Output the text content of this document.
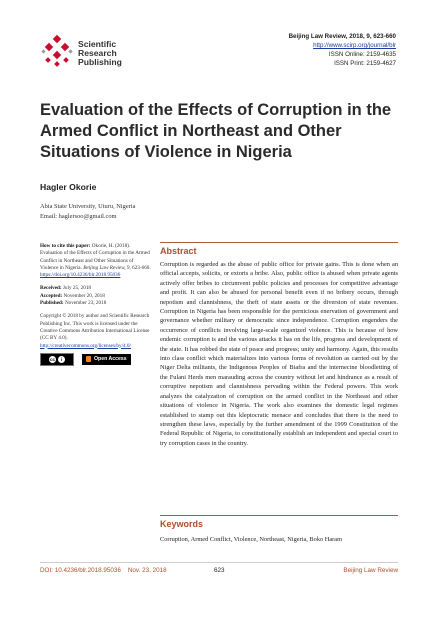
Scientific
Research
Publishing
Beijing Law Review, 2018, 9, 623-660
http://www.scirp.org/journal/blr
ISSN Online: 2159-4635
ISSN Print: 2159-4627
Evaluation of the Effects of Corruption in the Armed Conflict in Northeast and Other Situations of Violence in Nigeria
Hagler Okorie
Abia State University, Uturu, Nigeria
Email: haglersoo@gmail.com
How to cite this paper: Okorie, H. (2018). Evaluation of the Effects of Corruption in the Armed Conflict in Northeast and Other Situations of Violence in Nigeria. Beijing Law Review, 9, 623-660.
https://doi.org/10.4236/blr.2018.95036
Received: July 25, 2018
Accepted: November 20, 2018
Published: November 23, 2018
Copyright © 2018 by author and Scientific Research Publishing Inc. This work is licensed under the Creative Commons Attribution International License (CC BY 4.0).
http://creativecommons.org/licenses/by/4.0/
cc	i	Open Access
Abstract

Corruption is regarded as the abuse of public office for private gains. This is done when an official accepts, solicits, or extorts a bribe. Also, public office is abused when private agents actively offer bribes to circumvent public policies and processes for competitive advantage and profit. It can also be abused for personal benefit even if no bribery occurs, through nepotism and clannishness, the theft of state assets or the diversion of state revenues. Corruption in Nigeria has been responsible for the pernicious enervation of government and governance whether military or democratic since independence. Corruption engenders the occurrence of conflicts involving large-scale organized violence. This is because of how endemic corruption is and the various attacks it has on the life, progress and development of the state. It has robbed the state of peace and progress; unity and harmony. Again, this results into class conflict which materializes into various forms of revolution as carried out by the Niger Delta militants, the Indigenous Peoples of Biafra and the internecine bloodletting of the Fulani Herds men marauding across the country without let and hindrance as a result of corruptive nepotism and clannishness pervading within the Federal powers. This work analyzes the catalyzation of corruption on the armed conflict in the Northeast and other situations of violence in Nigeria. The work also examines the domestic legal regimes established to stamp out this kleptocratic menace and concludes that there is the need to strengthen these laws, especially by the further amendment of the 1999 Constitution of the Federal Republic of Nigeria, to constitutionally establish an independent and special court to try corruption cases in the country.

Keywords
Corruption, Armed Conflict, Violence, Northeast, Nigeria, Boko Haram
DOI: 10.4236/blr.2018.95036    Nov. 23, 2018	623	Beijing Law Review
